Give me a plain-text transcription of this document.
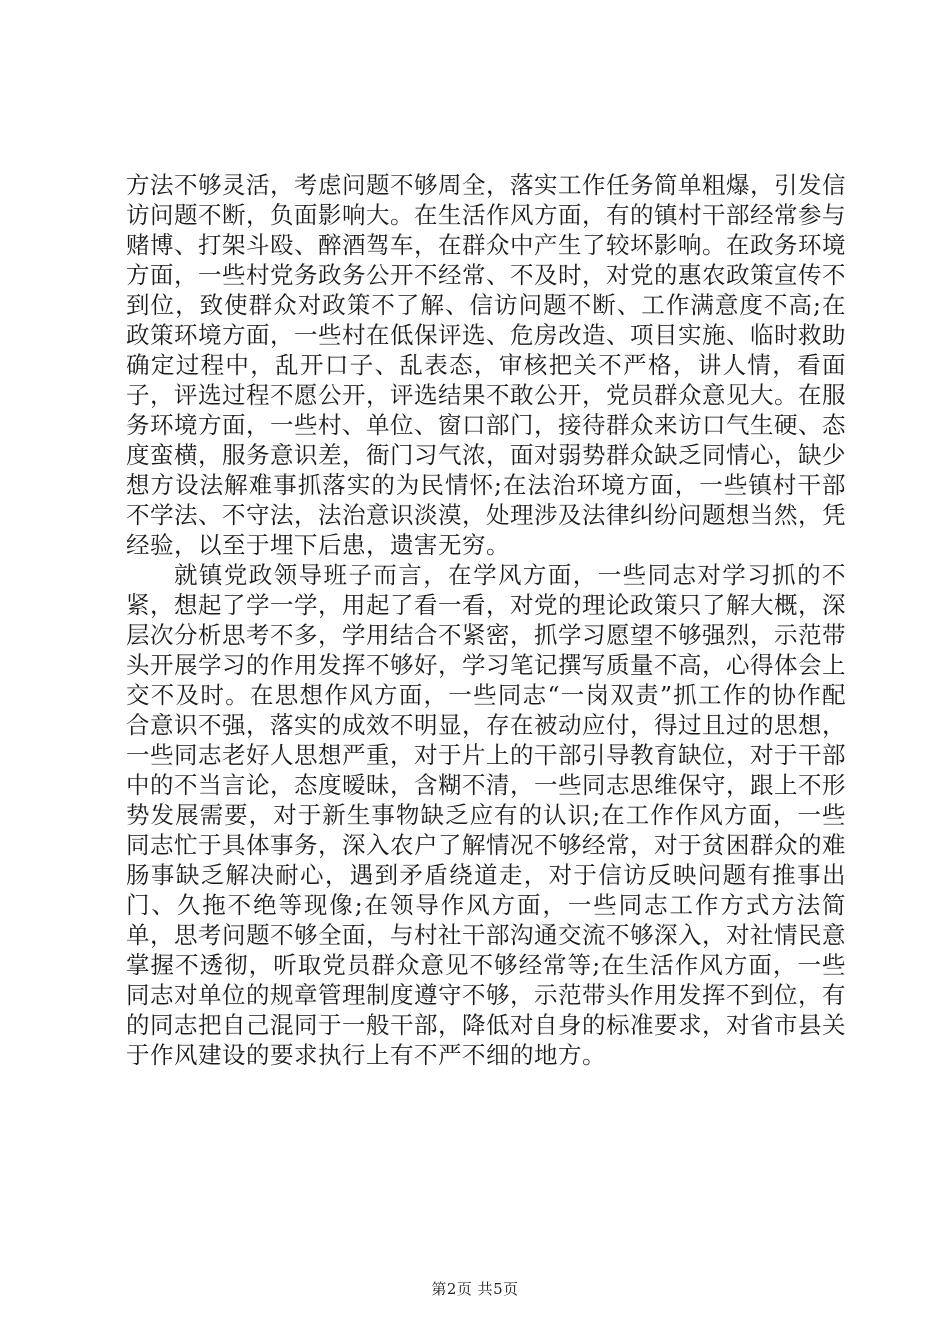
方法不够灵活，考虑问题不够周全，落实工作任务简单粗爆，引发信访问题不断，负面影响大。在生活作风方面，有的镇村干部经常参与赌博、打架斗殴、醉酒驾车，在群众中产生了较坏影响。在政务环境方面，一些村党务政务公开不经常、不及时，对党的惠农政策宣传不到位，致使群众对政策不了解、信访问题不断、工作满意度不高;在政策环境方面，一些村在低保评选、危房改造、项目实施、临时救助确定过程中，乱开口子、乱表态，审核把关不严格，讲人情，看面子，评选过程不愿公开，评选结果不敢公开，党员群众意见大。在服务环境方面，一些村、单位、窗口部门，接待群众来访口气生硬、态度蛮横，服务意识差，衙门习气浓，面对弱势群众缺乏同情心，缺少想方设法解难事抓落实的为民情怀;在法治环境方面，一些镇村干部不学法、不守法，法治意识淡漠，处理涉及法律纠纷问题想当然，凭经验，以至于埋下后患，遗害无穷。

就镇党政领导班子而言，在学风方面，一些同志对学习抓的不紧，想起了学一学，用起了看一看，对党的理论政策只了解大概，深层次分析思考不多，学用结合不紧密，抓学习愿望不够强烈，示范带头开展学习的作用发挥不够好，学习笔记撰写质量不高，心得体会上交不及时。在思想作风方面，一些同志“一岗双责”抓工作的协作配合意识不强，落实的成效不明显，存在被动应付，得过且过的思想，一些同志老好人思想严重，对于片上的干部引导教育缺位，对于干部中的不当言论，态度暧昧，含糊不清，一些同志思维保守，跟上不形势发展需要，对于新生事物缺乏应有的认识;在工作作风方面，一些同志忙于具体事务，深入农户了解情况不够经常，对于贫困群众的难肠事缺乏解决耐心，遇到矛盾绕道走，对于信访反映问题有推事出门、久拖不绝等现像;在领导作风方面，一些同志工作方式方法简单，思考问题不够全面，与村社干部沟通交流不够深入，对社情民意掌握不透彻，听取党员群众意见不够经常等;在生活作风方面，一些同志对单位的规章管理制度遵守不够，示范带头作用发挥不到位，有的同志把自己混同于一般干部，降低对自身的标准要求，对省市县关于作风建设的要求执行上有不严不细的地方。

第2页 共5页
